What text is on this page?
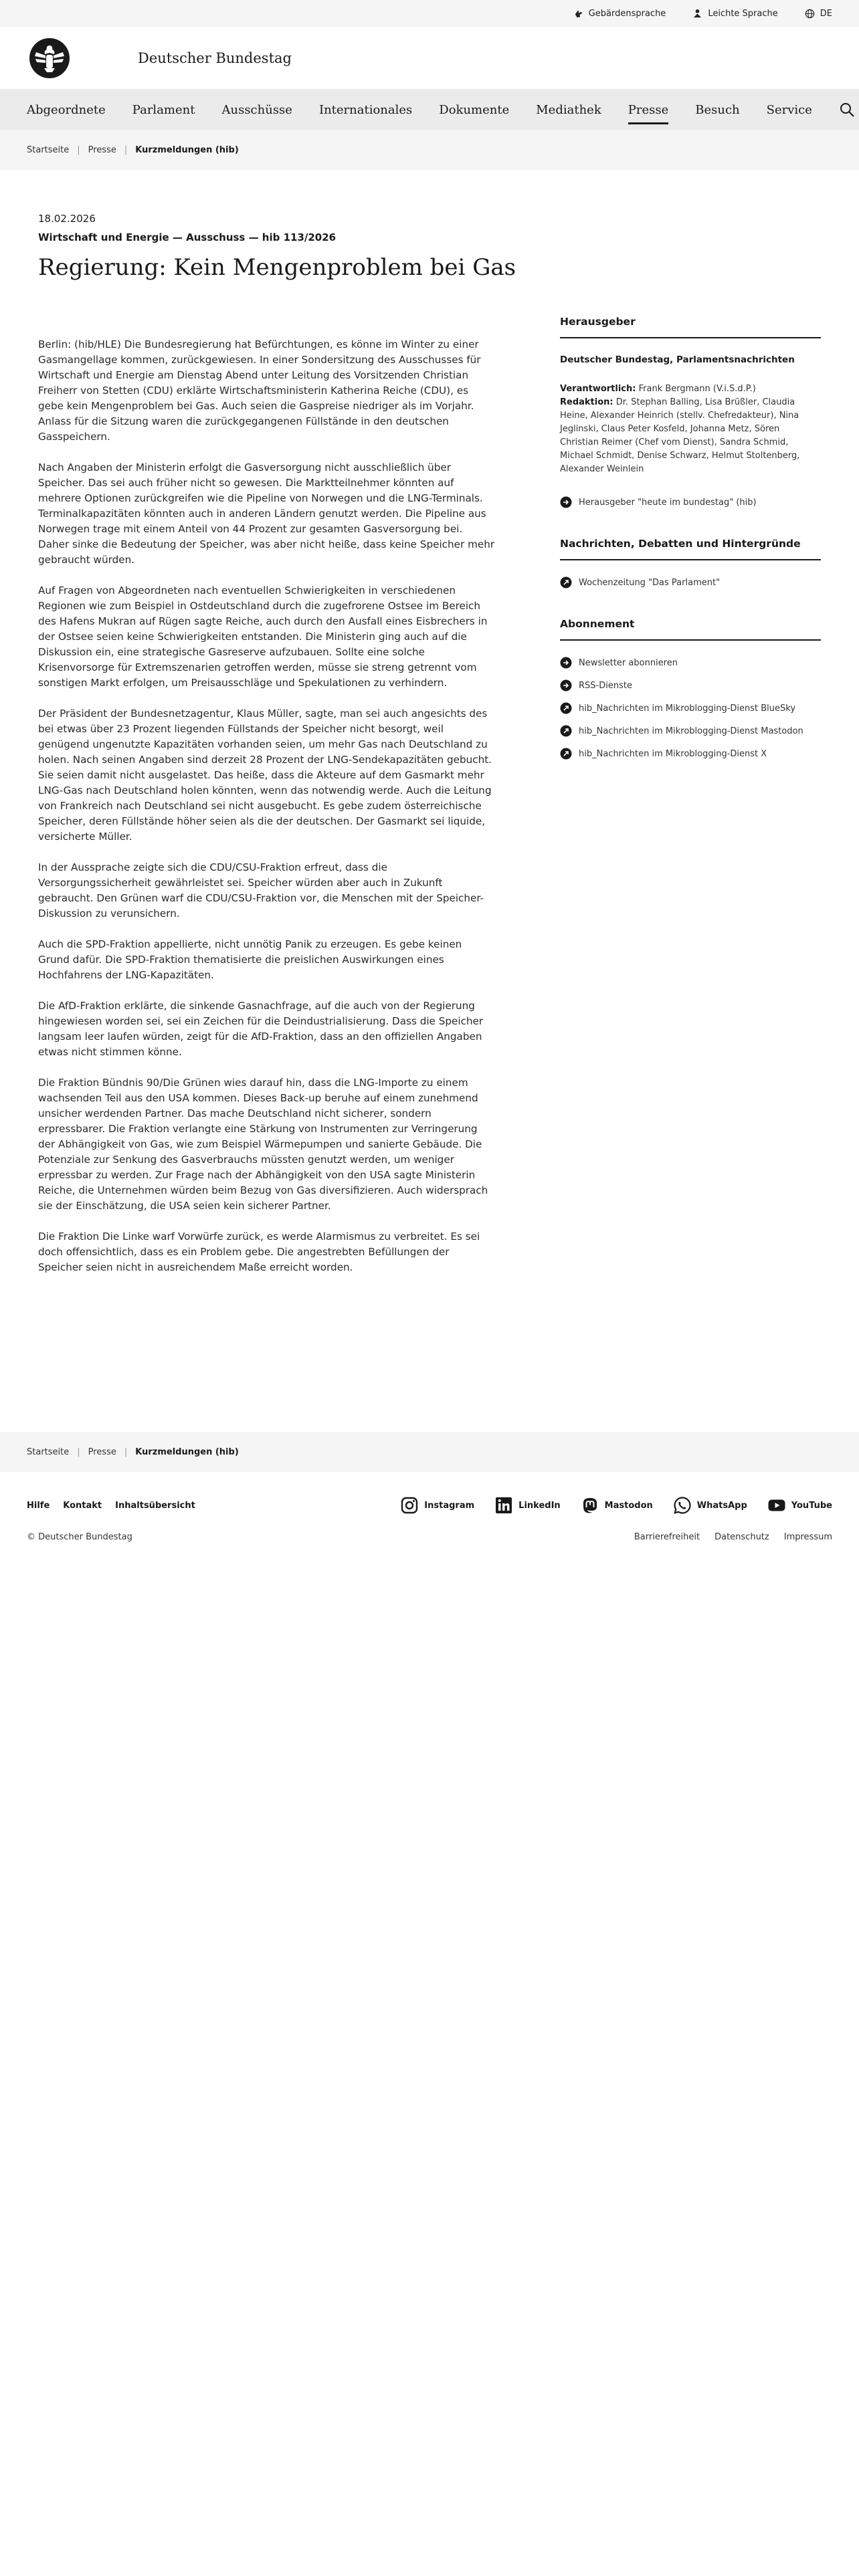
Gebärdensprache	Leichte Sprache	DE
Deutscher Bundestag
Abgeordnete Parlament Ausschüsse Internationales Dokumente Mediathek Presse Besuch Service
Startseite | Presse | Kurzmeldungen (hib)
18.02.2026
Wirtschaft und Energie — Ausschuss — hib 113/2026
Regierung: Kein Mengenproblem bei Gas

Berlin: (hib/HLE) Die Bundesregierung hat Befürchtungen, es könne im Winter zu einer Gasmangellage kommen, zurückgewiesen. In einer Sondersitzung des Ausschusses für Wirtschaft und Energie am Dienstag Abend unter Leitung des Vorsitzenden Christian Freiherr von Stetten (CDU) erklärte Wirtschaftsministerin Katherina Reiche (CDU), es gebe kein Mengenproblem bei Gas. Auch seien die Gaspreise niedriger als im Vorjahr. Anlass für die Sitzung waren die zurückgegangenen Füllstände in den deutschen Gasspeichern.

Nach Angaben der Ministerin erfolgt die Gasversorgung nicht ausschließlich über Speicher. Das sei auch früher nicht so gewesen. Die Marktteilnehmer könnten auf mehrere Optionen zurückgreifen wie die Pipeline von Norwegen und die LNG-Terminals. Terminalkapazitäten könnten auch in anderen Ländern genutzt werden. Die Pipeline aus Norwegen trage mit einem Anteil von 44 Prozent zur gesamten Gasversorgung bei. Daher sinke die Bedeutung der Speicher, was aber nicht heiße, dass keine Speicher mehr gebraucht würden.

Auf Fragen von Abgeordneten nach eventuellen Schwierigkeiten in verschiedenen Regionen wie zum Beispiel in Ostdeutschland durch die zugefrorene Ostsee im Bereich des Hafens Mukran auf Rügen sagte Reiche, auch durch den Ausfall eines Eisbrechers in der Ostsee seien keine Schwierigkeiten entstanden. Die Ministerin ging auch auf die Diskussion ein, eine strategische Gasreserve aufzubauen. Sollte eine solche Krisenvorsorge für Extremszenarien getroffen werden, müsse sie streng getrennt vom sonstigen Markt erfolgen, um Preisausschläge und Spekulationen zu verhindern.

Der Präsident der Bundesnetzagentur, Klaus Müller, sagte, man sei auch angesichts des bei etwas über 23 Prozent liegenden Füllstands der Speicher nicht besorgt, weil genügend ungenutzte Kapazitäten vorhanden seien, um mehr Gas nach Deutschland zu holen. Nach seinen Angaben sind derzeit 28 Prozent der LNG-Sendekapazitäten gebucht. Sie seien damit nicht ausgelastet. Das heiße, dass die Akteure auf dem Gasmarkt mehr LNG-Gas nach Deutschland holen könnten, wenn das notwendig werde. Auch die Leitung von Frankreich nach Deutschland sei nicht ausgebucht. Es gebe zudem österreichische Speicher, deren Füllstände höher seien als die der deutschen. Der Gasmarkt sei liquide, versicherte Müller.

In der Aussprache zeigte sich die CDU/CSU-Fraktion erfreut, dass die Versorgungssicherheit gewährleistet sei. Speicher würden aber auch in Zukunft gebraucht. Den Grünen warf die CDU/CSU-Fraktion vor, die Menschen mit der Speicher-Diskussion zu verunsichern.

Auch die SPD-Fraktion appellierte, nicht unnötig Panik zu erzeugen. Es gebe keinen Grund dafür. Die SPD-Fraktion thematisierte die preislichen Auswirkungen eines Hochfahrens der LNG-Kapazitäten.

Die AfD-Fraktion erklärte, die sinkende Gasnachfrage, auf die auch von der Regierung hingewiesen worden sei, sei ein Zeichen für die Deindustrialisierung. Dass die Speicher langsam leer laufen würden, zeigt für die AfD-Fraktion, dass an den offiziellen Angaben etwas nicht stimmen könne.

Die Fraktion Bündnis 90/Die Grünen wies darauf hin, dass die LNG-Importe zu einem wachsenden Teil aus den USA kommen. Dieses Back-up beruhe auf einem zunehmend unsicher werdenden Partner. Das mache Deutschland nicht sicherer, sondern erpressbarer. Die Fraktion verlangte eine Stärkung von Instrumenten zur Verringerung der Abhängigkeit von Gas, wie zum Beispiel Wärmepumpen und sanierte Gebäude. Die Potenziale zur Senkung des Gasverbrauchs müssten genutzt werden, um weniger erpressbar zu werden. Zur Frage nach der Abhängigkeit von den USA sagte Ministerin Reiche, die Unternehmen würden beim Bezug von Gas diversifizieren. Auch widersprach sie der Einschätzung, die USA seien kein sicherer Partner.

Die Fraktion Die Linke warf Vorwürfe zurück, es werde Alarmismus zu verbreitet. Es sei doch offensichtlich, dass es ein Problem gebe. Die angestrebten Befüllungen der Speicher seien nicht in ausreichendem Maße erreicht worden.

Herausgeber
Deutscher Bundestag, Parlamentsnachrichten
Verantwortlich: Frank Bergmann (V.i.S.d.P.)
Redaktion: Dr. Stephan Balling, Lisa Brüßler, Claudia Heine, Alexander Heinrich (stellv. Chefredakteur), Nina Jeglinski, Claus Peter Kosfeld, Johanna Metz, Sören Christian Reimer (Chef vom Dienst), Sandra Schmid, Michael Schmidt, Denise Schwarz, Helmut Stoltenberg, Alexander Weinlein
Herausgeber "heute im bundestag" (hib)
Nachrichten, Debatten und Hintergründe
Wochenzeitung "Das Parlament"
Abonnement
Newsletter abonnieren
RSS-Dienste
hib_Nachrichten im Mikroblogging-Dienst BlueSky
hib_Nachrichten im Mikroblogging-Dienst Mastodon
hib_Nachrichten im Mikroblogging-Dienst X
Startseite | Presse | Kurzmeldungen (hib)
Hilfe Kontakt Inhaltsübersicht	Instagram	LinkedIn	Mastodon	WhatsApp	YouTube
© Deutscher Bundestag	Barrierefreiheit Datenschutz Impressum
